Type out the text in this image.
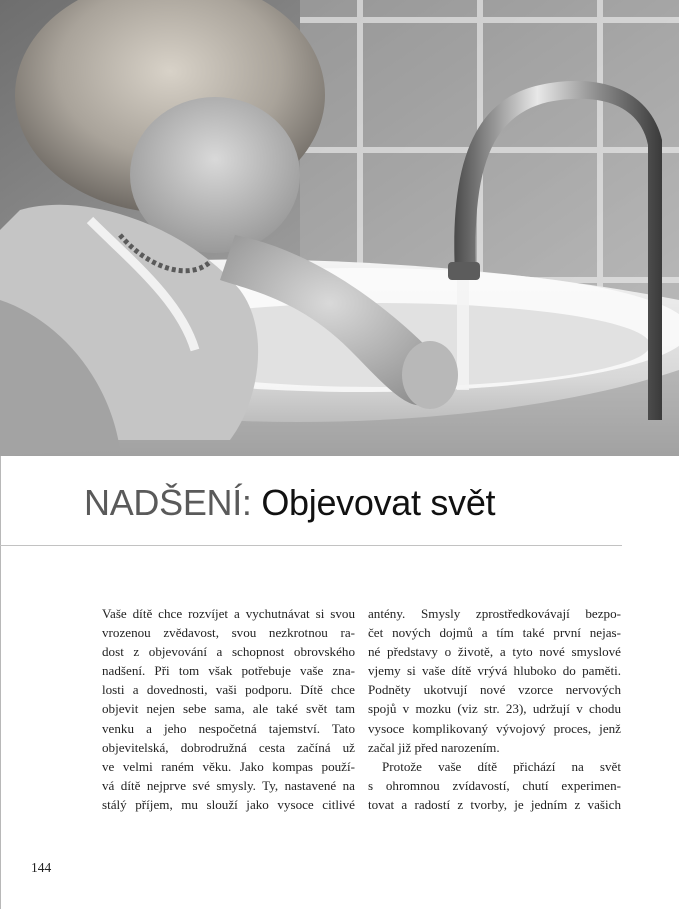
NADŠENÍ: Objevovat svět

Vaše dítě chce rozvíjet a vychutnávat si svou

vrozenou zvědavost, svou nezkrotnou ra-

dost z objevování a schopnost obrovského

nadšení. Při tom však potřebuje vaše zna-

losti a dovednosti, vaši podporu. Dítě chce

objevit nejen sebe sama, ale také svět tam

venku a jeho nespočetná tajemství. Tato

objevitelská, dobrodružná cesta začíná už

ve velmi raném věku. Jako kompas použí-

vá dítě nejprve své smysly. Ty, nastavené na

stálý příjem, mu slouží jako vysoce citlivé

antény. Smysly zprostředkovávají bezpo-

čet nových dojmů a tím také první nejas-

né představy o životě, a tyto nové smyslové

vjemy si vaše dítě vrývá hluboko do paměti.

Podněty ukotvují nové vzorce nervových

spojů v mozku (viz str. 23), udržují v chodu

vysoce komplikovaný vývojový proces, jenž

začal již před narozením.

Protože vaše dítě přichází na svět

s ohromnou zvídavostí, chutí experimen-

tovat a radostí z tvorby, je jedním z vašich

144
